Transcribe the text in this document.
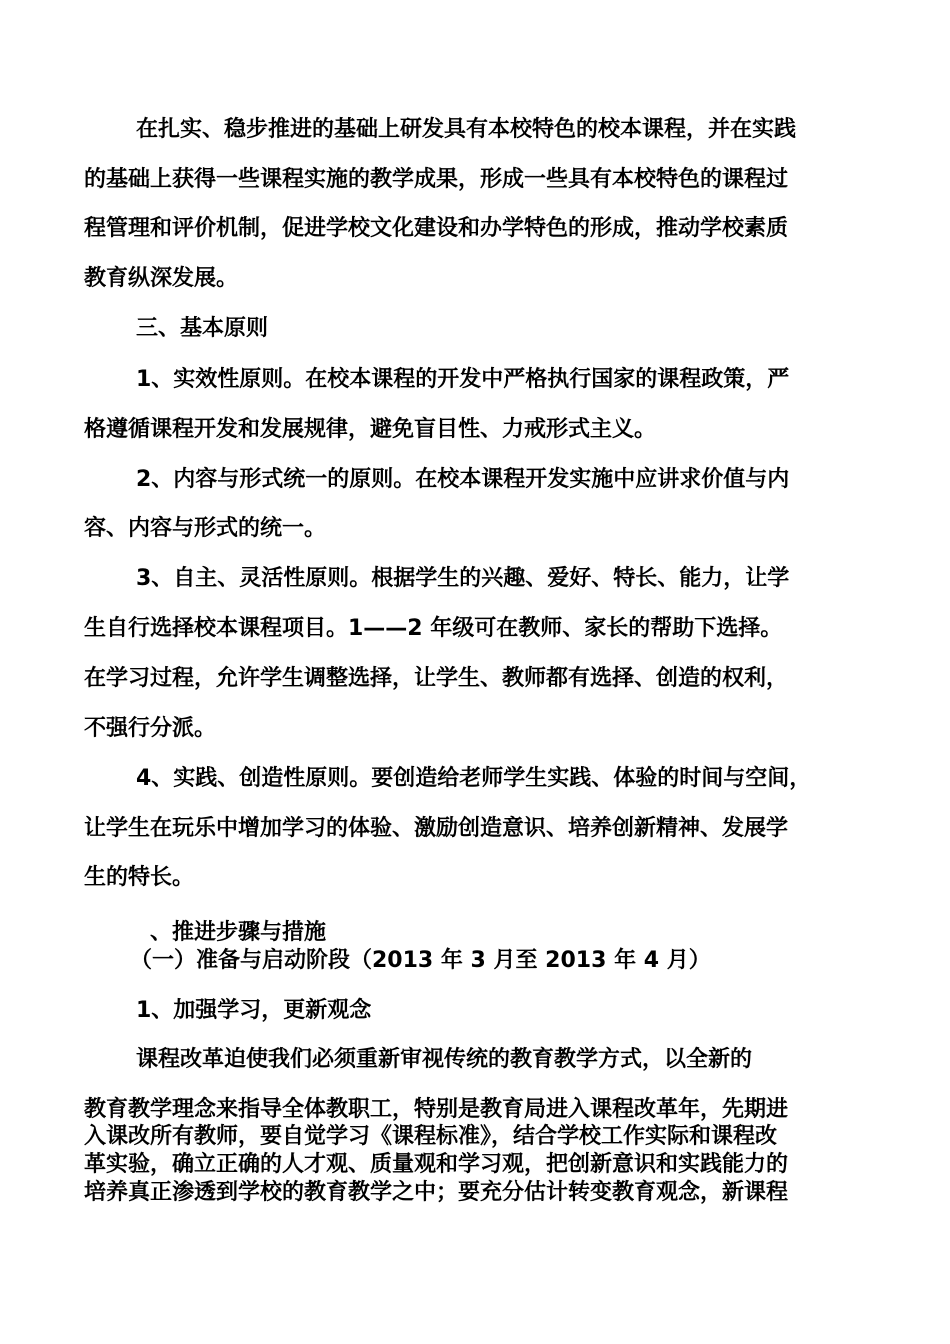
在扎实、稳步推进的基础上研发具有本校特色的校本课程，并在实践
的基础上获得一些课程实施的教学成果，形成一些具有本校特色的课程过
程管理和评价机制，促进学校文化建设和办学特色的形成，推动学校素质
教育纵深发展。
三、基本原则
1、实效性原则。在校本课程的开发中严格执行国家的课程政策，严
格遵循课程开发和发展规律，避免盲目性、力戒形式主义。
2、内容与形式统一的原则。在校本课程开发实施中应讲求价值与内
容、内容与形式的统一。
3、自主、灵活性原则。根据学生的兴趣、爱好、特长、能力，让学
生自行选择校本课程项目。1——2 年级可在教师、家长的帮助下选择。
在学习过程，允许学生调整选择，让学生、教师都有选择、创造的权利，
不强行分派。
4、实践、创造性原则。要创造给老师学生实践、体验的时间与空间，
让学生在玩乐中增加学习的体验、激励创造意识、培养创新精神、发展学
生的特长。
、推进步骤与措施
（一）准备与启动阶段（2013 年 3 月至 2013 年 4 月）
1、加强学习，更新观念
课程改革迫使我们必须重新审视传统的教育教学方式，以全新的
教育教学理念来指导全体教职工，特别是教育局进入课程改革年，先期进
入课改所有教师，要自觉学习《课程标准》，结合学校工作实际和课程改
革实验，确立正确的人才观、质量观和学习观，把创新意识和实践能力的
培养真正渗透到学校的教育教学之中；要充分估计转变教育观念，新课程
